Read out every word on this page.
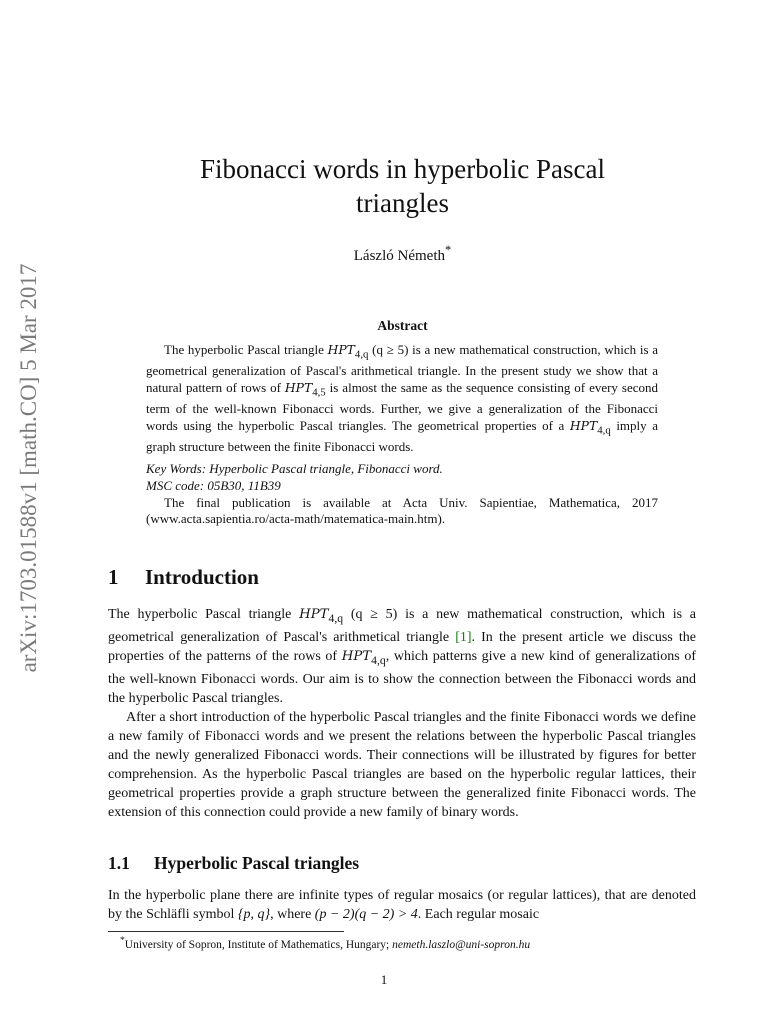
arXiv:1703.01588v1 [math.CO] 5 Mar 2017
Fibonacci words in hyperbolic Pascal
triangles
László Németh*
Abstract

The hyperbolic Pascal triangle $HPT_{4,q}$ (q ≥ 5) is a new mathematical construction, which is a geometrical generalization of Pascal's arithmetical triangle. In the present study we show that a natural pattern of rows of $HPT_{4,5}$ is almost the same as the sequence consisting of every second term of the well-known Fibonacci words. Further, we give a generalization of the Fibonacci words using the hyperbolic Pascal triangles. The geometrical properties of a $HPT_{4,q}$ imply a graph structure between the finite Fibonacci words.

Key Words: Hyperbolic Pascal triangle, Fibonacci word.

MSC code: 05B30, 11B39

The final publication is available at Acta Univ. Sapientiae, Mathematica, 2017 (www.acta.sapientia.ro/acta-math/matematica-main.htm).

1 Introduction

The hyperbolic Pascal triangle $HPT_{4,q}$ (q ≥ 5) is a new mathematical construction, which is a geometrical generalization of Pascal's arithmetical triangle [1]. In the present article we discuss the properties of the patterns of the rows of $HPT_{4,q}$, which patterns give a new kind of generalizations of the well-known Fibonacci words. Our aim is to show the connection between the Fibonacci words and the hyperbolic Pascal triangles.

After a short introduction of the hyperbolic Pascal triangles and the finite Fibonacci words we define a new family of Fibonacci words and we present the relations between the hyperbolic Pascal triangles and the newly generalized Fibonacci words. Their connections will be illustrated by figures for better comprehension. As the hyperbolic Pascal triangles are based on the hyperbolic regular lattices, their geometrical properties provide a graph structure between the generalized finite Fibonacci words. The extension of this connection could provide a new family of binary words.

1.1 Hyperbolic Pascal triangles

In the hyperbolic plane there are infinite types of regular mosaics (or regular lattices), that are denoted by the Schläfli symbol {p, q}, where (p − 2)(q − 2) > 4. Each regular mosaic

*University of Sopron, Institute of Mathematics, Hungary; nemeth.laszlo@uni-sopron.hu
1
